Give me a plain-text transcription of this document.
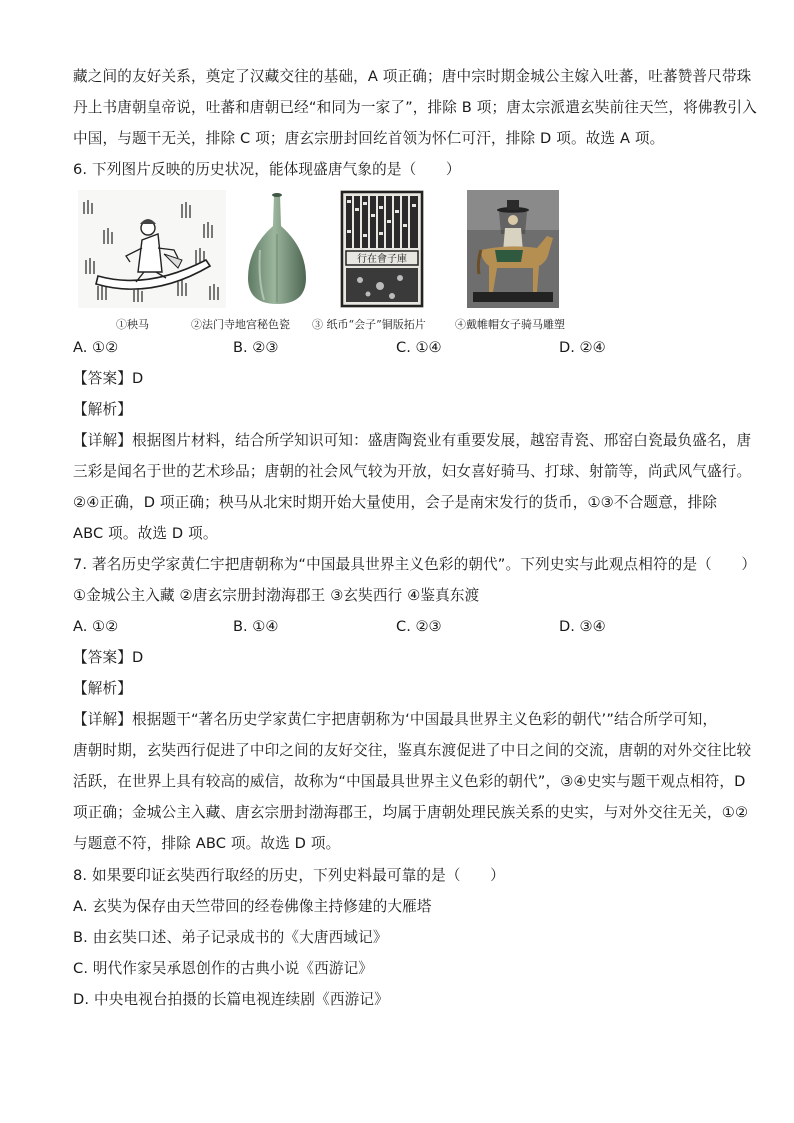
藏之间的友好关系，奠定了汉藏交往的基础，A 项正确；唐中宗时期金城公主嫁入吐蕃，吐蕃赞普尺带珠
丹上书唐朝皇帝说，吐蕃和唐朝已经“和同为一家了”，排除 B 项；唐太宗派遣玄奘前往天竺，将佛教引入
中国，与题干无关，排除 C 项；唐玄宗册封回纥首领为怀仁可汗，排除 D 项。故选 A 项。
6. 下列图片反映的历史状况，能体现盛唐气象的是（　　）
行在會子庫
①秧马	②法门寺地宫秘色瓷 ③ 纸币“会子”铜版拓片	④戴帷帽女子骑马雕塑
A. ①②	B. ②③	C. ①④	D. ②④
【答案】D
【解析】
【详解】根据图片材料，结合所学知识可知：盛唐陶瓷业有重要发展，越窑青瓷、邢窑白瓷最负盛名，唐
三彩是闻名于世的艺术珍品；唐朝的社会风气较为开放，妇女喜好骑马、打球、射箭等，尚武风气盛行。
②④正确，D 项正确；秧马从北宋时期开始大量使用，会子是南宋发行的货币，①③不合题意，排除
ABC 项。故选 D 项。
7. 著名历史学家黄仁宇把唐朝称为“中国最具世界主义色彩的朝代”。下列史实与此观点相符的是（　　）
①金城公主入藏 ②唐玄宗册封渤海郡王 ③玄奘西行 ④鉴真东渡
A. ①②	B. ①④	C. ②③	D. ③④
【答案】D
【解析】
【详解】根据题干“著名历史学家黄仁宇把唐朝称为‘中国最具世界主义色彩的朝代’”结合所学可知，
唐朝时期，玄奘西行促进了中印之间的友好交往，鉴真东渡促进了中日之间的交流，唐朝的对外交往比较
活跃，在世界上具有较高的威信，故称为“中国最具世界主义色彩的朝代”，③④史实与题干观点相符，D
项正确；金城公主入藏、唐玄宗册封渤海郡王，均属于唐朝处理民族关系的史实，与对外交往无关，①②
与题意不符，排除 ABC 项。故选 D 项。
8. 如果要印证玄奘西行取经的历史，下列史料最可靠的是（　　）
A. 玄奘为保存由天竺带回的经卷佛像主持修建的大雁塔
B. 由玄奘口述、弟子记录成书的《大唐西域记》
C. 明代作家吴承恩创作的古典小说《西游记》
D. 中央电视台拍摄的长篇电视连续剧《西游记》
